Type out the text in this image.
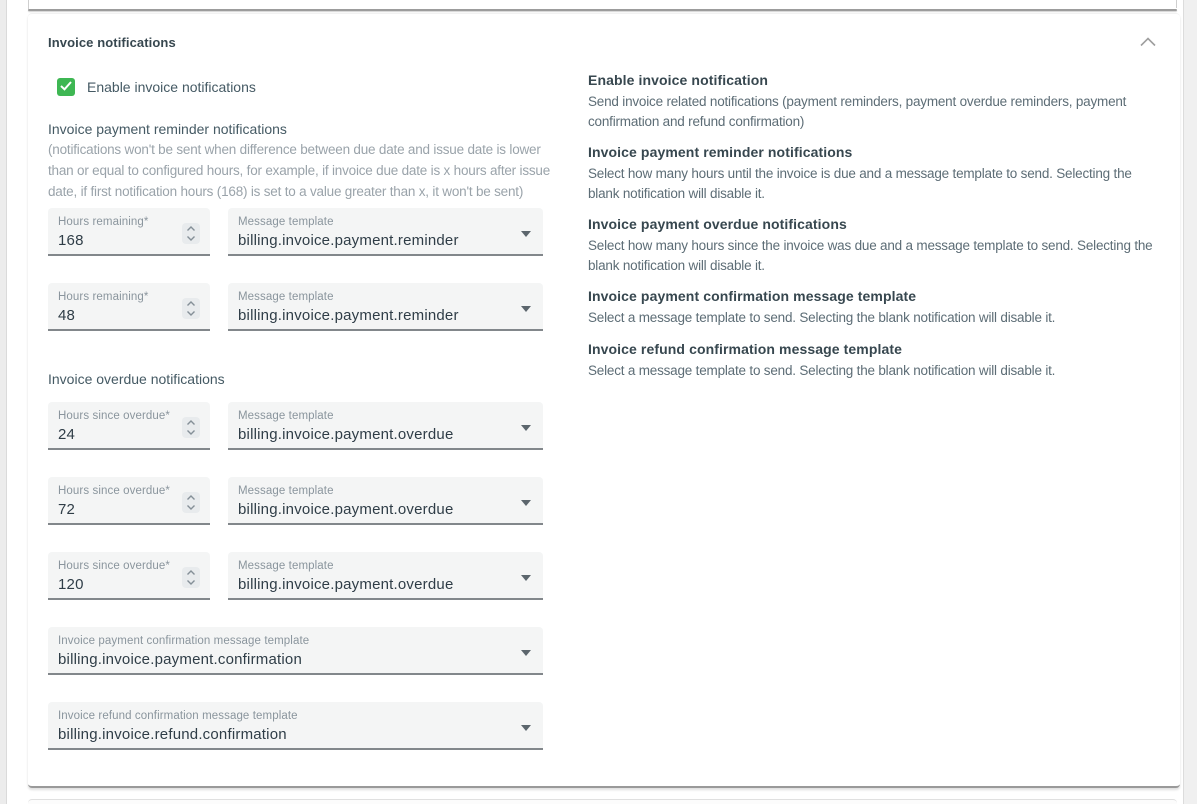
Invoice notifications
Enable invoice notifications
Invoice payment reminder notifications
(notifications won't be sent when difference between due date and issue date is lower than or equal to configured hours, for example, if invoice due date is x hours after issue date, if first notification hours (168) is set to a value greater than x, it won't be sent)
Hours remaining*
168
Message template
billing.invoice.payment.reminder
Hours remaining*
48
Message template
billing.invoice.payment.reminder
Invoice overdue notifications
Hours since overdue*
24
Message template
billing.invoice.payment.overdue
Hours since overdue*
72
Message template
billing.invoice.payment.overdue
Hours since overdue*
120
Message template
billing.invoice.payment.overdue
Invoice payment confirmation message template
billing.invoice.payment.confirmation
Invoice refund confirmation message template
billing.invoice.refund.confirmation
Enable invoice notification

Send invoice related notifications (payment reminders, payment overdue reminders, payment confirmation and refund confirmation)

Invoice payment reminder notifications

Select how many hours until the invoice is due and a message template to send. Selecting the blank notification will disable it.

Invoice payment overdue notifications

Select how many hours since the invoice was due and a message template to send. Selecting the blank notification will disable it.

Invoice payment confirmation message template

Select a message template to send. Selecting the blank notification will disable it.

Invoice refund confirmation message template

Select a message template to send. Selecting the blank notification will disable it.
